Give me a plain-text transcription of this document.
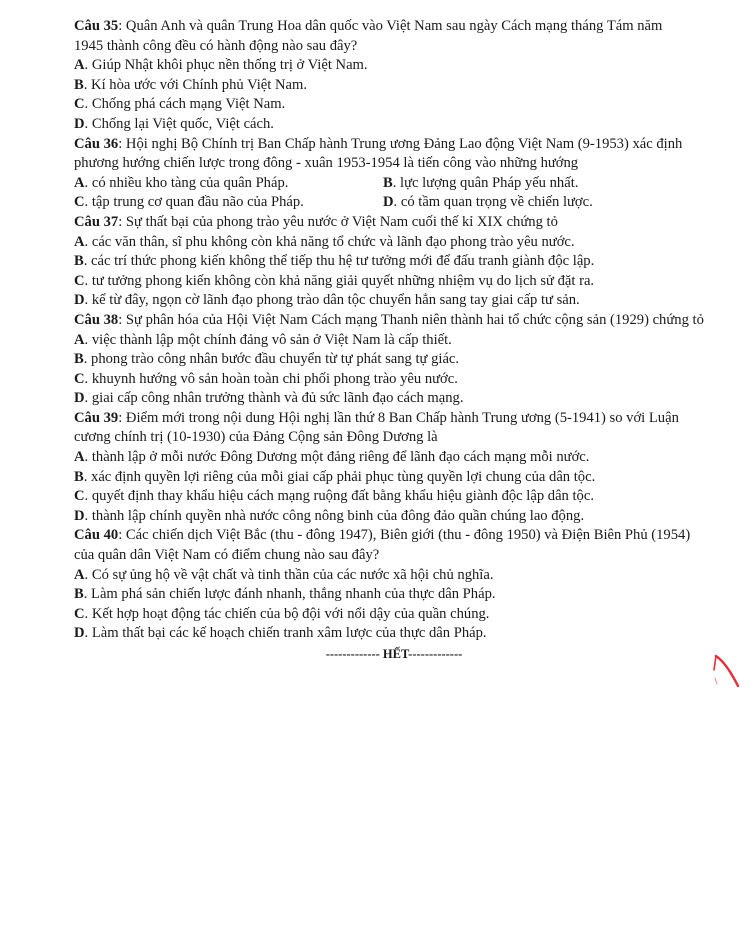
Câu 35: Quân Anh và quân Trung Hoa dân quốc vào Việt Nam sau ngày Cách mạng tháng Tám năm
1945 thành công đều có hành động nào sau đây?
A. Giúp Nhật khôi phục nền thống trị ở Việt Nam.
B. Kí hòa ước với Chính phủ Việt Nam.
C. Chống phá cách mạng Việt Nam.
D. Chống lại Việt quốc, Việt cách.
Câu 36: Hội nghị Bộ Chính trị Ban Chấp hành Trung ương Đảng Lao động Việt Nam (9-1953) xác định
phương hướng chiến lược trong đông - xuân 1953-1954 là tiến công vào những hướng
A. có nhiều kho tàng của quân Pháp.	B. lực lượng quân Pháp yếu nhất.
C. tập trung cơ quan đầu não của Pháp.	D. có tầm quan trọng về chiến lược.
Câu 37: Sự thất bại của phong trào yêu nước ở Việt Nam cuối thế kỉ XIX chứng tỏ
A. các văn thân, sĩ phu không còn khả năng tổ chức và lãnh đạo phong trào yêu nước.
B. các trí thức phong kiến không thể tiếp thu hệ tư tưởng mới để đấu tranh giành độc lập.
C. tư tưởng phong kiến không còn khả năng giải quyết những nhiệm vụ do lịch sử đặt ra.
D. kể từ đây, ngọn cờ lãnh đạo phong trào dân tộc chuyển hẳn sang tay giai cấp tư sản.
Câu 38: Sự phân hóa của Hội Việt Nam Cách mạng Thanh niên thành hai tổ chức cộng sản (1929) chứng tỏ
A. việc thành lập một chính đảng vô sản ở Việt Nam là cấp thiết.
B. phong trào công nhân bước đầu chuyển từ tự phát sang tự giác.
C. khuynh hướng vô sản hoàn toàn chi phối phong trào yêu nước.
D. giai cấp công nhân trưởng thành và đủ sức lãnh đạo cách mạng.
Câu 39: Điểm mới trong nội dung Hội nghị lần thứ 8 Ban Chấp hành Trung ương (5-1941) so với Luận
cương chính trị (10-1930) của Đảng Cộng sản Đông Dương là
A. thành lập ở mỗi nước Đông Dương một đảng riêng để lãnh đạo cách mạng mỗi nước.
B. xác định quyền lợi riêng của mỗi giai cấp phải phục tùng quyền lợi chung của dân tộc.
C. quyết định thay khẩu hiệu cách mạng ruộng đất bằng khẩu hiệu giành độc lập dân tộc.
D. thành lập chính quyền nhà nước công nông binh của đông đảo quần chúng lao động.
Câu 40: Các chiến dịch Việt Bắc (thu - đông 1947), Biên giới (thu - đông 1950) và Điện Biên Phủ (1954)
của quân dân Việt Nam có điểm chung nào sau đây?
A. Có sự ủng hộ về vật chất và tinh thần của các nước xã hội chủ nghĩa.
B. Làm phá sản chiến lược đánh nhanh, thắng nhanh của thực dân Pháp.
C. Kết hợp hoạt động tác chiến của bộ đội với nổi dậy của quần chúng.
D. Làm thất bại các kế hoạch chiến tranh xâm lược của thực dân Pháp.
------------- HẾT-------------
